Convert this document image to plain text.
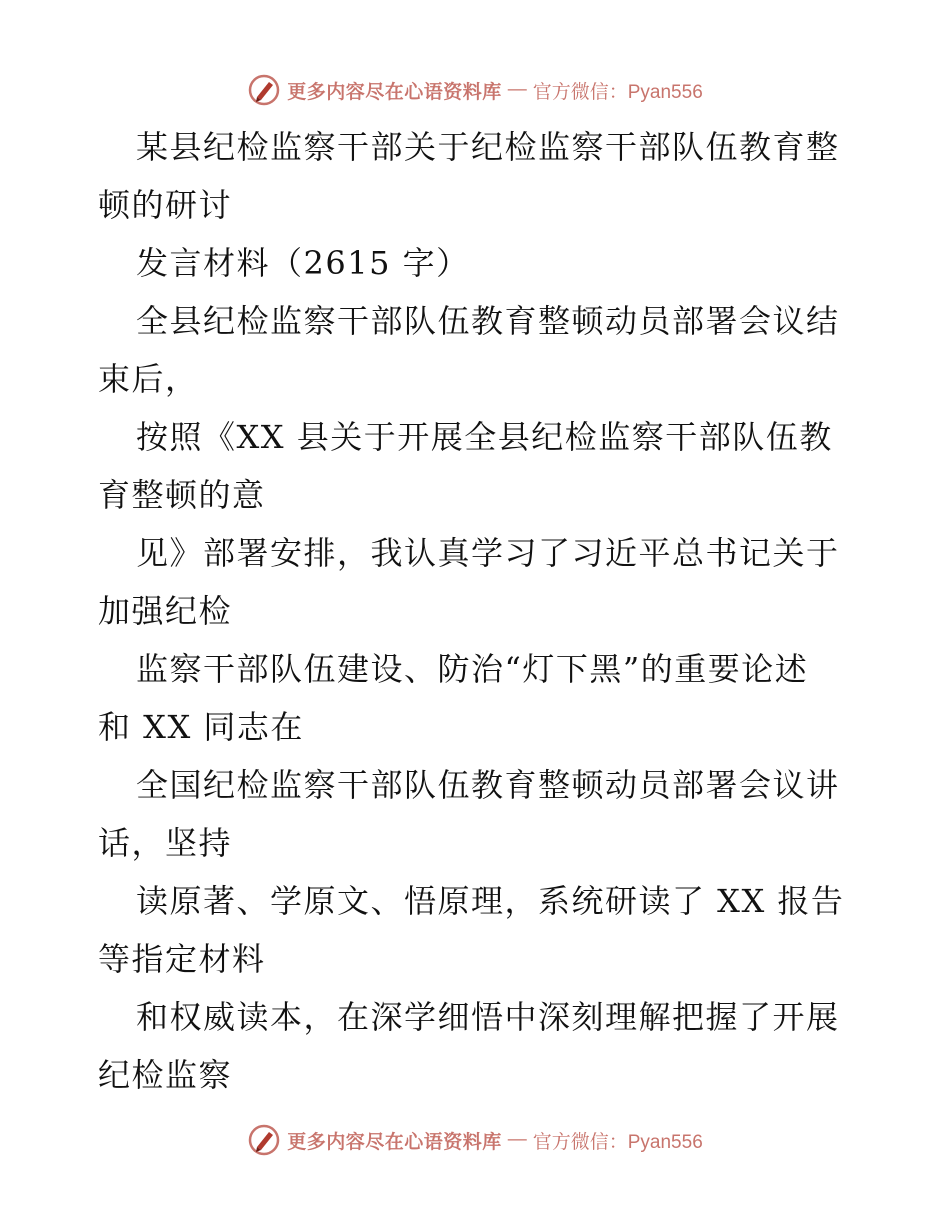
更多内容尽在心语资料库 — 官方微信：Pyan556
某县纪检监察干部关于纪检监察干部队伍教育整
顿的研讨
发言材料（2615 字）
全县纪检监察干部队伍教育整顿动员部署会议结
束后，
按照《XX 县关于开展全县纪检监察干部队伍教
育整顿的意
见》部署安排，我认真学习了习近平总书记关于
加强纪检
监察干部队伍建设、防治“灯下黑”的重要论述
和 XX 同志在
全国纪检监察干部队伍教育整顿动员部署会议讲
话，坚持
读原著、学原文、悟原理，系统研读了 XX 报告
等指定材料
和权威读本，在深学细悟中深刻理解把握了开展
纪检监察
更多内容尽在心语资料库 — 官方微信：Pyan556
